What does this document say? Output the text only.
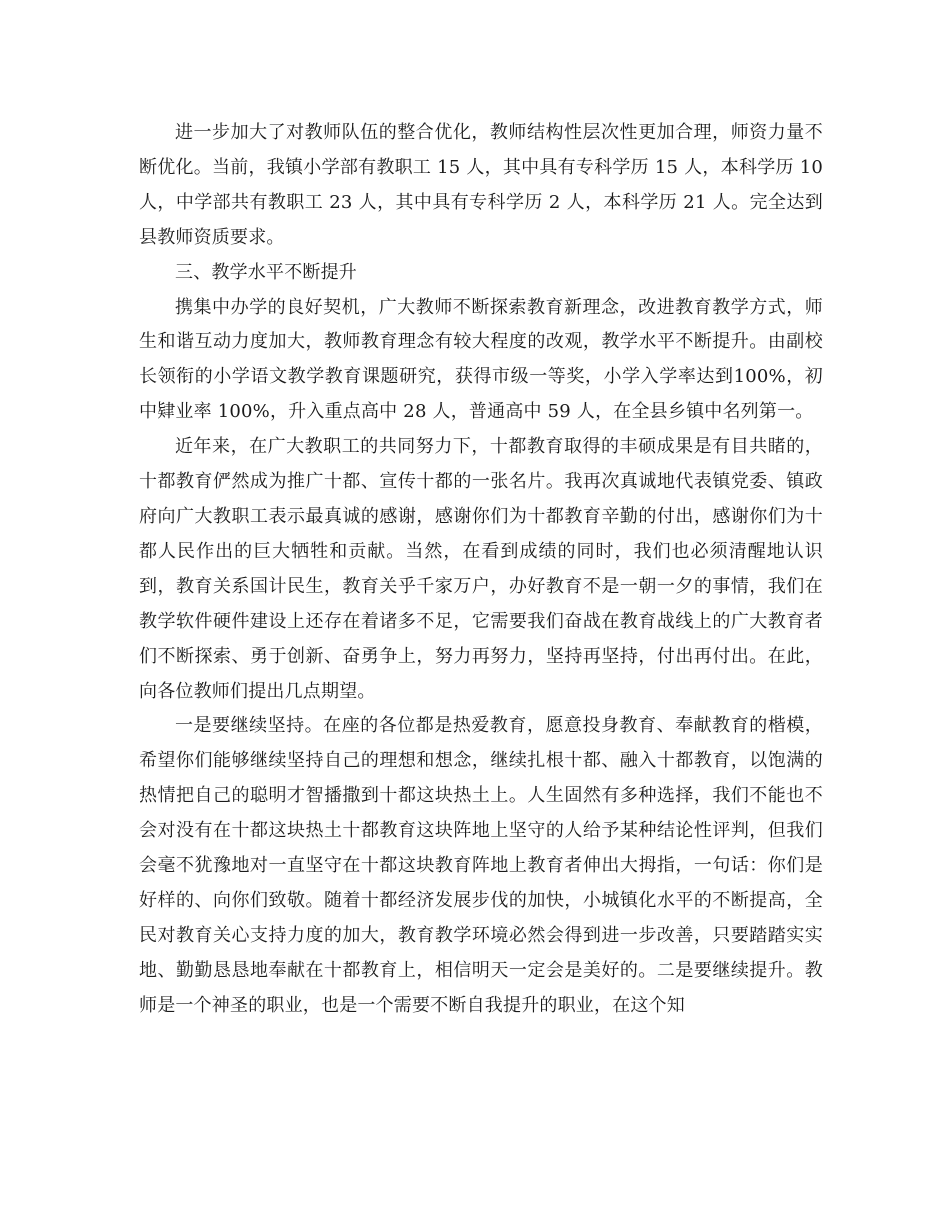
进一步加大了对教师队伍的整合优化，教师结构性层次性更加合理，师资力量不断优化。当前，我镇小学部有教职工 15 人，其中具有专科学历 15 人，本科学历 10 人，中学部共有教职工 23 人，其中具有专科学历 2 人，本科学历 21 人。完全达到县教师资质要求。

三、教学水平不断提升

携集中办学的良好契机，广大教师不断探索教育新理念，改进教育教学方式，师生和谐互动力度加大，教师教育理念有较大程度的改观，教学水平不断提升。由副校长领衔的小学语文教学教育课题研究，获得市级一等奖，小学入学率达到100%，初中肄业率 100%，升入重点高中 28 人，普通高中 59 人，在全县乡镇中名列第一。

近年来，在广大教职工的共同努力下，十都教育取得的丰硕成果是有目共睹的，十都教育俨然成为推广十都、宣传十都的一张名片。我再次真诚地代表镇党委、镇政府向广大教职工表示最真诚的感谢，感谢你们为十都教育辛勤的付出，感谢你们为十都人民作出的巨大牺牲和贡献。当然，在看到成绩的同时，我们也必须清醒地认识到，教育关系国计民生，教育关乎千家万户，办好教育不是一朝一夕的事情，我们在教学软件硬件建设上还存在着诸多不足，它需要我们奋战在教育战线上的广大教育者们不断探索、勇于创新、奋勇争上，努力再努力，坚持再坚持，付出再付出。在此，向各位教师们提出几点期望。

一是要继续坚持。在座的各位都是热爱教育，愿意投身教育、奉献教育的楷模，希望你们能够继续坚持自己的理想和想念，继续扎根十都、融入十都教育，以饱满的热情把自己的聪明才智播撒到十都这块热土上。人生固然有多种选择，我们不能也不会对没有在十都这块热土十都教育这块阵地上坚守的人给予某种结论性评判，但我们会毫不犹豫地对一直坚守在十都这块教育阵地上教育者伸出大拇指，一句话：你们是好样的、向你们致敬。随着十都经济发展步伐的加快，小城镇化水平的不断提高，全民对教育关心支持力度的加大，教育教学环境必然会得到进一步改善，只要踏踏实实地、勤勤恳恳地奉献在十都教育上，相信明天一定会是美好的。二是要继续提升。教师是一个神圣的职业，也是一个需要不断自我提升的职业，在这个知
